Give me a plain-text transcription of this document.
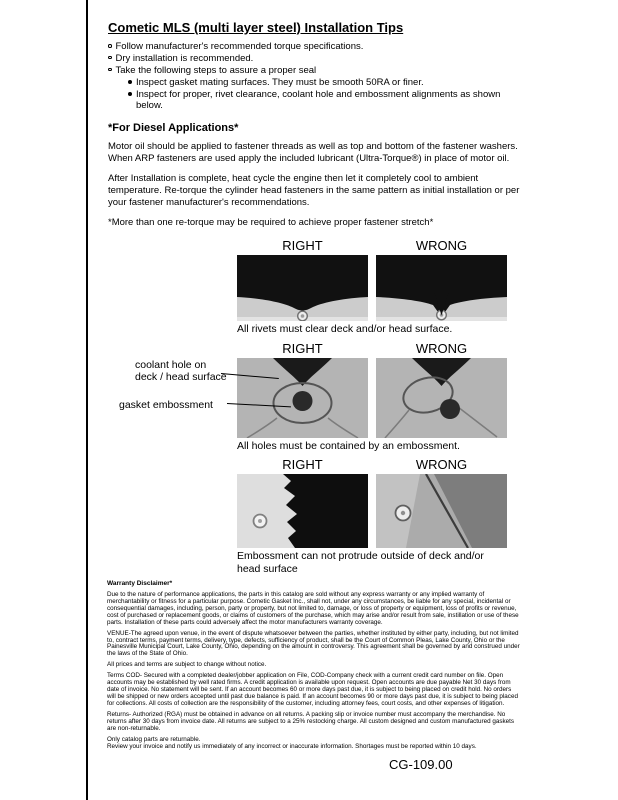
Cometic MLS (multi layer steel) Installation Tips
Follow manufacturer's recommended torque specifications.
Dry installation is recommended.
Take the following steps to assure a proper seal
Inspect gasket mating surfaces. They must be smooth 50RA or finer.
Inspect for proper, rivet clearance, coolant hole and embossment alignments as shown below.
*For Diesel Applications*

Motor oil should be applied to fastener threads as well as top and bottom of the fastener washers. When ARP fasteners are used apply the included lubricant (Ultra-Torque®) in place of motor oil.

After Installation is complete, heat cycle the engine then let it completely cool to ambient temperature. Re-torque the cylinder head fasteners in the same pattern as initial installation or per your fastener manufacturer's recommendations.

*More than one re-torque may be required to achieve proper fastener stretch*

RIGHT	WRONG
All rivets must clear deck and/or head surface.
RIGHT	WRONG
All holes must be contained by an embossment.
coolant hole on deck / head surface
gasket embossment
RIGHT	WRONG
Embossment can not protrude outside of deck and/or head surface
Warranty Disclaimer*

Due to the nature of performance applications, the parts in this catalog are sold without any express warranty or any implied warranty of merchantability or fitness for a particular purpose. Cometic Gasket Inc., shall not, under any circumstances, be liable for any special, incidental or consequential damages, including, person, party or property, but not limited to, damage, or loss of property or equipment, loss of profits or revenue, cost of purchased or replacement goods, or claims of customers of the purchase, which may arise and/or result from sale, instillation or use of these parts. Installation of these parts could adversely affect the motor manufacturers warranty coverage.

VENUE-The agreed upon venue, in the event of dispute whatsoever between the parties, whether instituted by either party, including, but not limited to, contract terms, payment terms, delivery, type, defects, sufficiency of product, shall be the Court of Common Pleas, Lake County, Ohio or the Painesville Municipal Court, Lake County, Ohio, depending on the amount in controversy. This agreement shall be governed by and construed under the laws of the State of Ohio.

All prices and terms are subject to change without notice.

Terms COD- Secured with a completed dealer/jobber application on File, COD-Company check with a current credit card number on file. Open accounts may be established by well rated firms. A credit application is available upon request. Open accounts are due payable Net 30 days from date of invoice. No statement will be sent. If an account becomes 60 or more days past due, it is subject to being placed on credit hold. No orders will be shipped or new orders accepted until past due balance is paid. If an account becomes 90 or more days past due, it is subject to being placed for collections. All costs of collection are the responsibility of the customer, including attorney fees, court costs, and other expenses of litigation.

Returns- Authorized (RGA) must be obtained in advance on all returns. A packing slip or invoice number must accompany the merchandise. No returns after 30 days from invoice date. All returns are subject to a 25% restocking charge. All custom designed and custom manufactured gaskets are non-returnable.

Only catalog parts are returnable.

Review your invoice and notify us immediately of any incorrect or inaccurate information. Shortages must be reported within 10 days.

CG-109.00
